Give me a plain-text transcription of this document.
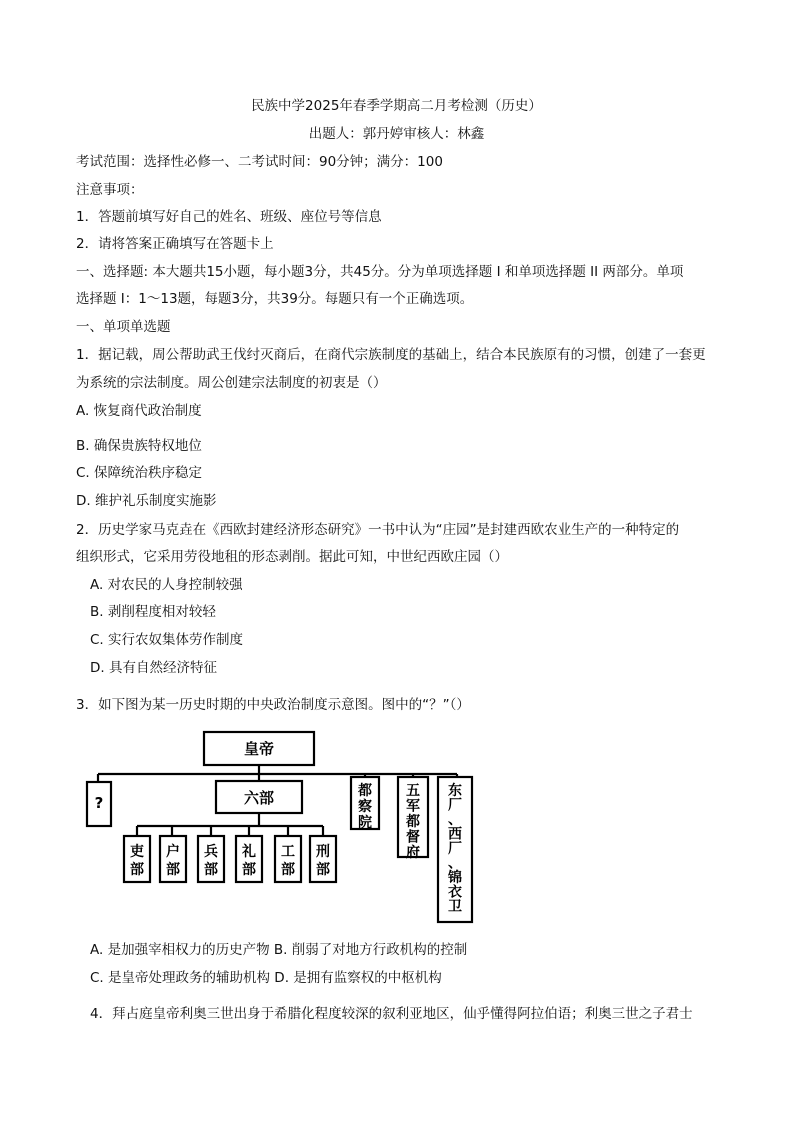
民族中学2025年春季学期高二月考检测（历史）
出题人：郭丹婷审核人：林鑫
考试范围：选择性必修一、二考试时间：90分钟；满分：100
注意事项：
1．答题前填写好自己的姓名、班级、座位号等信息
2．请将答案正确填写在答题卡上
一、选择题: 本大题共15小题，每小题3分，共45分。分为单项选择题 I 和单项选择题 II 两部分。单项
选择题 I：1～13题，每题3分，共39分。每题只有一个正确选项。
一、单项单选题
1．据记载，周公帮助武王伐纣灭商后，在商代宗族制度的基础上，结合本民族原有的习惯，创建了一套更
为系统的宗法制度。周公创建宗法制度的初衷是（）
A. 恢复商代政治制度
B. 确保贵族特权地位
C. 保障统治秩序稳定
D. 维护礼乐制度实施影
2．历史学家马克垚在《西欧封建经济形态研究》一书中认为“庄园”是封建西欧农业生产的一种特定的
组织形式，它采用劳役地租的形态剥削。据此可知，中世纪西欧庄园（）
A. 对农民的人身控制较强
B. 剥削程度相对较轻
C. 实行农奴集体劳作制度
D. 具有自然经济特征
3．如下图为某一历史时期的中央政治制度示意图。图中的“？”（）
皇帝
?	六部
吏部
户部
兵部
礼部
工部
刑部
都察院
五军都督府
东厂、西厂、锦衣卫
A. 是加强宰相权力的历史产物 B. 削弱了对地方行政机构的控制
C. 是皇帝处理政务的辅助机构 D. 是拥有监察权的中枢机构
4．拜占庭皇帝利奥三世出身于希腊化程度较深的叙利亚地区，仙乎懂得阿拉伯语；利奥三世之子君士
